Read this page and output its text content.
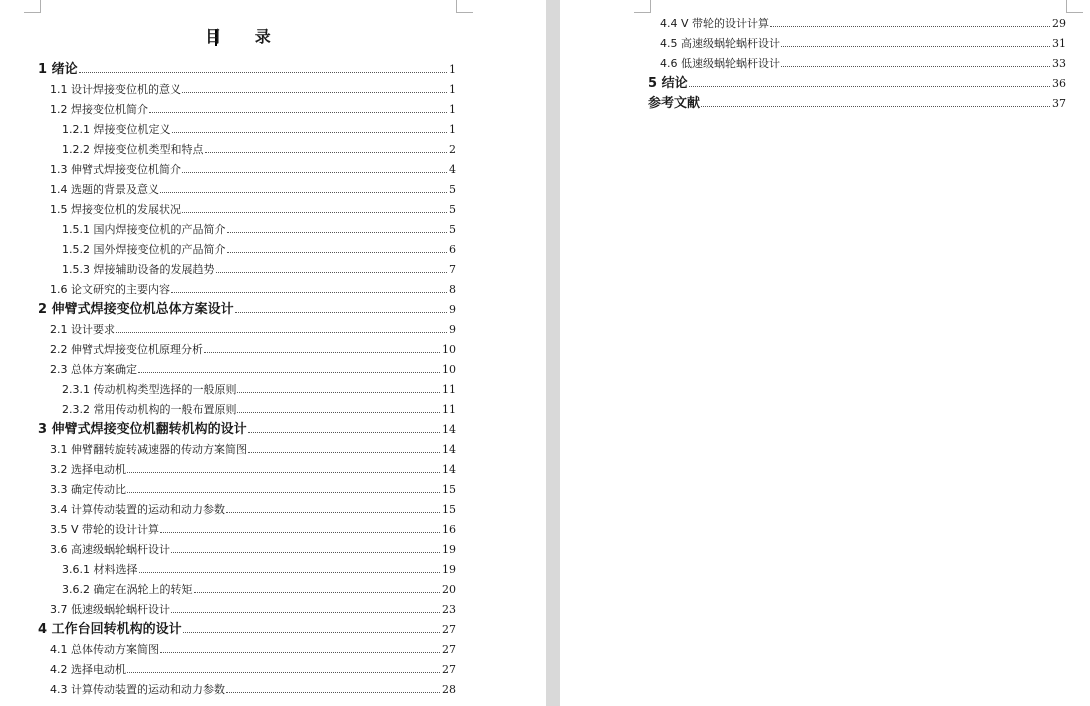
目 录
1 绪论	1
1.1 设计焊接变位机的意义	1
1.2 焊接变位机简介	1
1.2.1 焊接变位机定义	1
1.2.2 焊接变位机类型和特点	2
1.3 伸臂式焊接变位机简介	4
1.4 选题的背景及意义	5
1.5 焊接变位机的发展状况	5
1.5.1 国内焊接变位机的产品简介	5
1.5.2 国外焊接变位机的产品简介	6
1.5.3 焊接辅助设备的发展趋势	7
1.6 论文研究的主要内容	8
2 伸臂式焊接变位机总体方案设计	9
2.1 设计要求	9
2.2 伸臂式焊接变位机原理分析	10
2.3 总体方案确定	10
2.3.1 传动机构类型选择的一般原则	11
2.3.2 常用传动机构的一般布置原则	11
3 伸臂式焊接变位机翻转机构的设计	14
3.1 伸臂翻转旋转减速器的传动方案简图	14
3.2 选择电动机	14
3.3 确定传动比	15
3.4 计算传动装置的运动和动力参数	15
3.5 V 带轮的设计计算	16
3.6 高速级蜗轮蜗杆设计	19
3.6.1 材料选择	19
3.6.2 确定在涡轮上的转矩	20
3.7 低速级蜗轮蜗杆设计	23
4 工作台回转机构的设计	27
4.1 总体传动方案简图	27
4.2 选择电动机	27
4.3 计算传动装置的运动和动力参数	28
4.4 V 带轮的设计计算	29
4.5 高速级蜗轮蜗杆设计	31
4.6 低速级蜗轮蜗杆设计	33
5 结论	36
参考文献	37
